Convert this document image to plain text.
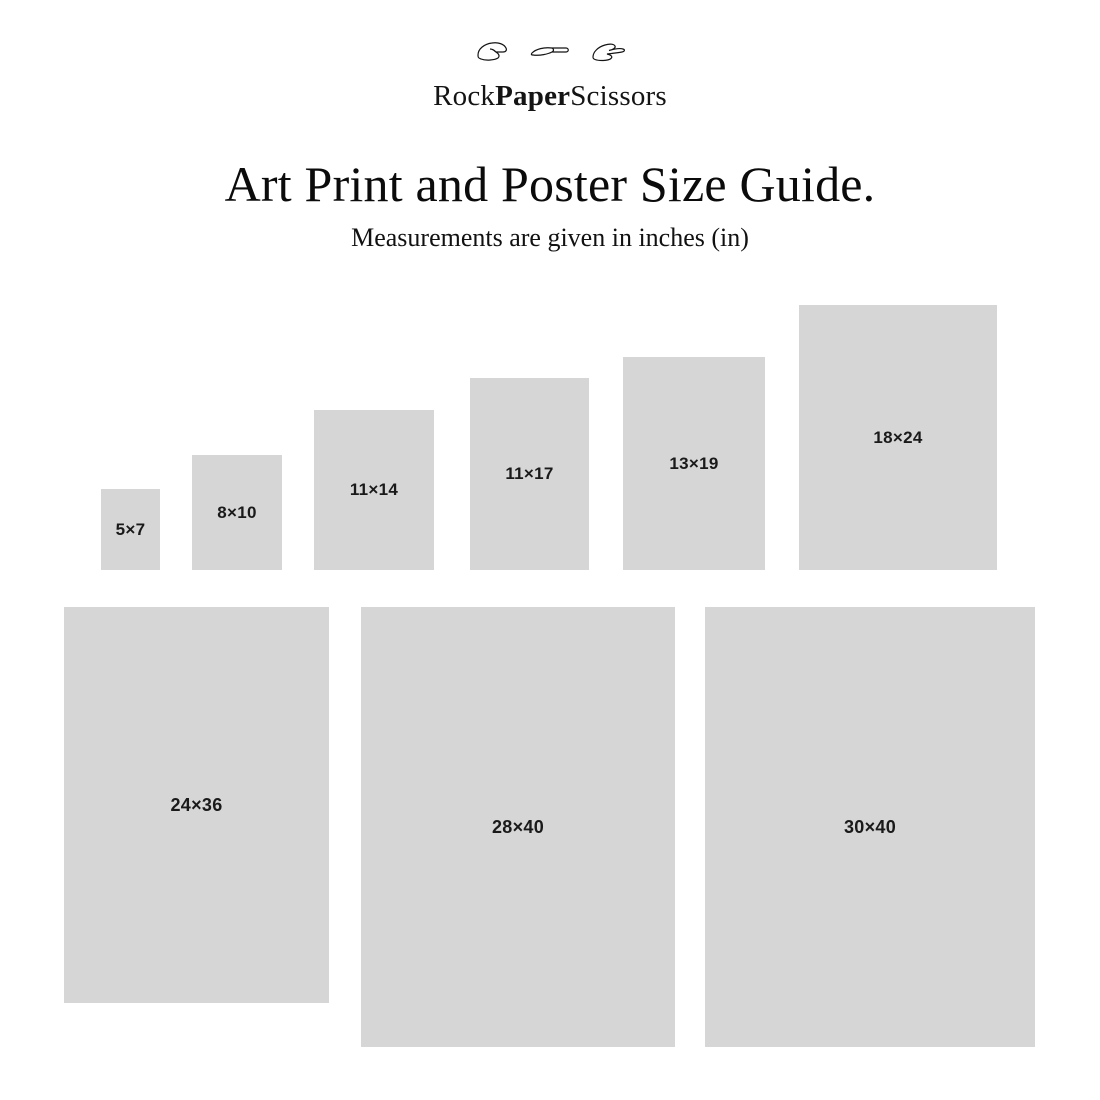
RockPaperScissors
Art Print and Poster Size Guide.

Measurements are given in inches (in)

5×7
8×10
11×14
11×17
13×19
18×24
24×36
28×40	30×40
